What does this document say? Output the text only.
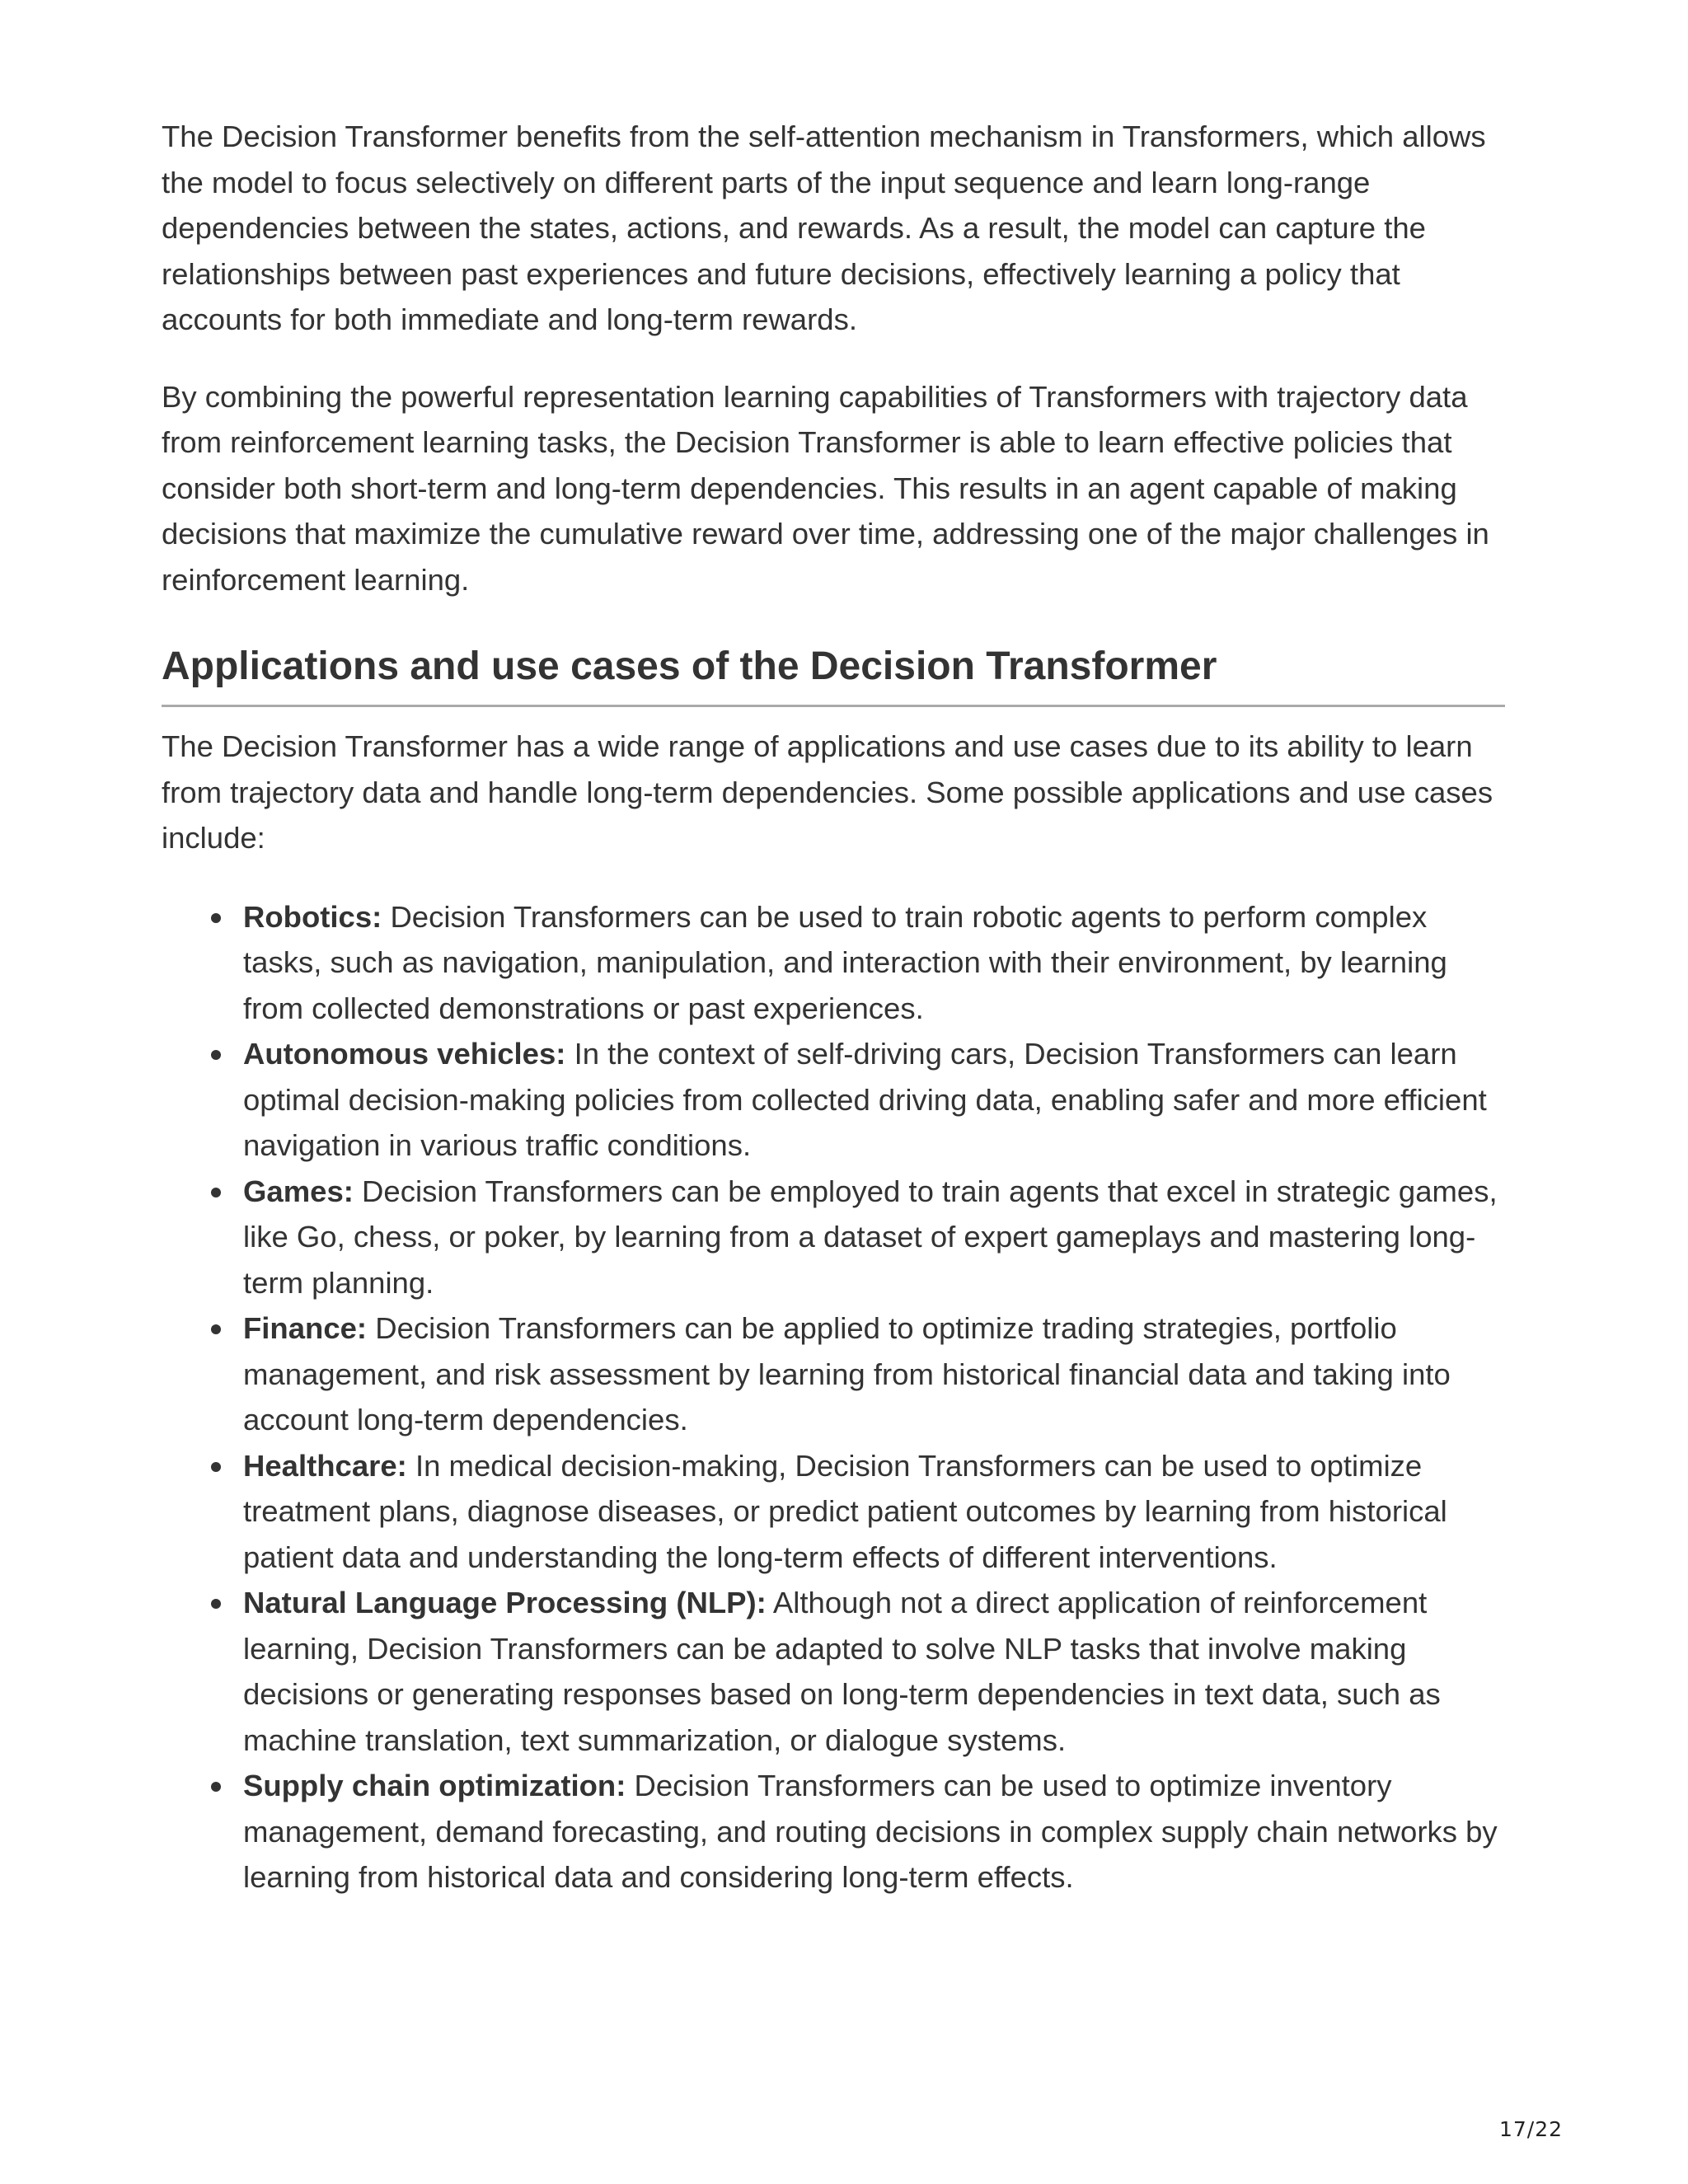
The Decision Transformer benefits from the self-attention mechanism in Transformers, which allows the model to focus selectively on different parts of the input sequence and learn long-range dependencies between the states, actions, and rewards. As a result, the model can capture the relationships between past experiences and future decisions, effectively learning a policy that accounts for both immediate and long-term rewards.

By combining the powerful representation learning capabilities of Transformers with trajectory data from reinforcement learning tasks, the Decision Transformer is able to learn effective policies that consider both short-term and long-term dependencies. This results in an agent capable of making decisions that maximize the cumulative reward over time, addressing one of the major challenges in reinforcement learning.

Applications and use cases of the Decision Transformer

The Decision Transformer has a wide range of applications and use cases due to its ability to learn from trajectory data and handle long-term dependencies. Some possible applications and use cases include:

Robotics: Decision Transformers can be used to train robotic agents to perform complex tasks, such as navigation, manipulation, and interaction with their environment, by learning from collected demonstrations or past experiences.
Autonomous vehicles: In the context of self-driving cars, Decision Transformers can learn optimal decision-making policies from collected driving data, enabling safer and more efficient navigation in various traffic conditions.
Games: Decision Transformers can be employed to train agents that excel in strategic games, like Go, chess, or poker, by learning from a dataset of expert gameplays and mastering long-term planning.
Finance: Decision Transformers can be applied to optimize trading strategies, portfolio management, and risk assessment by learning from historical financial data and taking into account long-term dependencies.
Healthcare: In medical decision-making, Decision Transformers can be used to optimize treatment plans, diagnose diseases, or predict patient outcomes by learning from historical patient data and understanding the long-term effects of different interventions.
Natural Language Processing (NLP): Although not a direct application of reinforcement learning, Decision Transformers can be adapted to solve NLP tasks that involve making decisions or generating responses based on long-term dependencies in text data, such as machine translation, text summarization, or dialogue systems.
Supply chain optimization: Decision Transformers can be used to optimize inventory management, demand forecasting, and routing decisions in complex supply chain networks by learning from historical data and considering long-term effects.
17/22
